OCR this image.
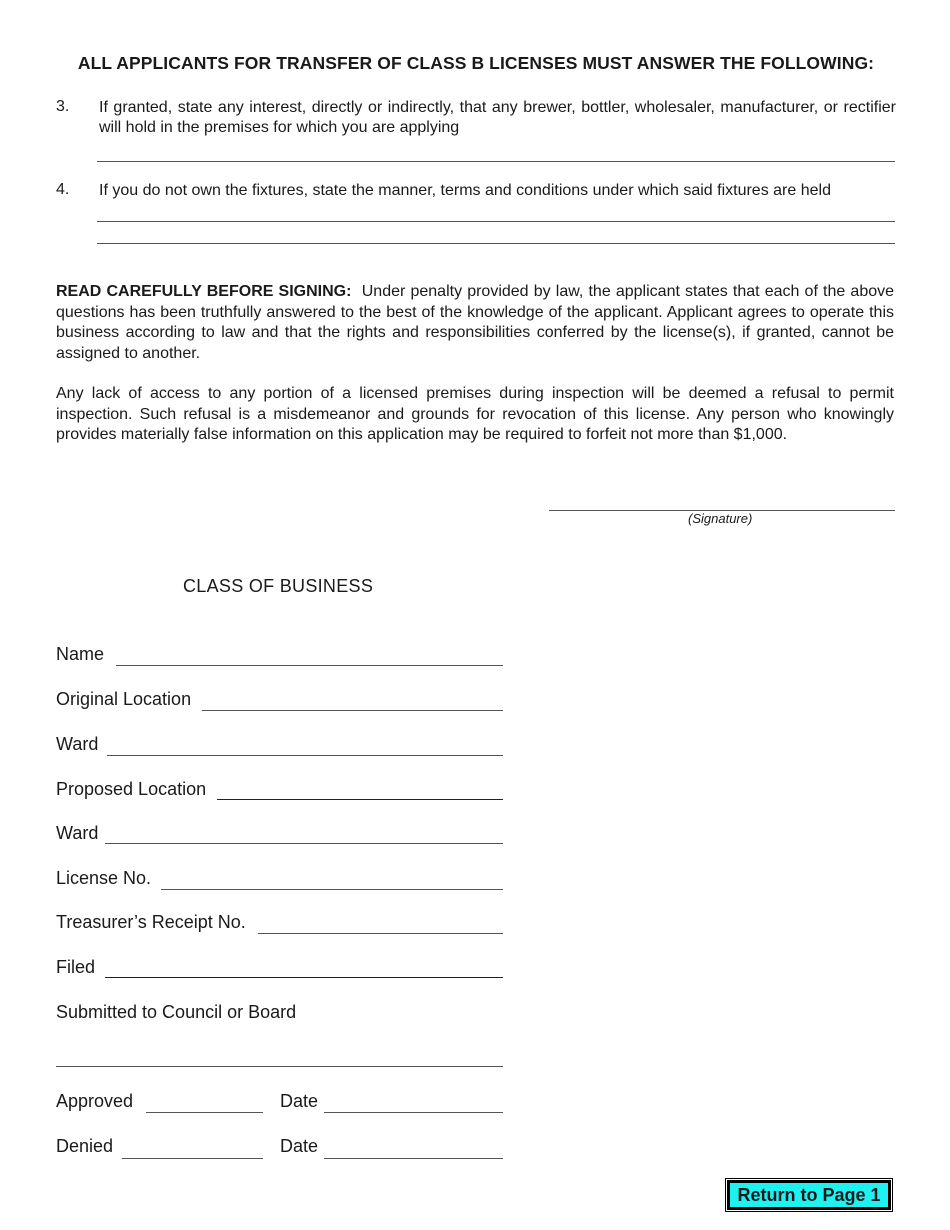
ALL APPLICANTS FOR TRANSFER OF CLASS B LICENSES MUST ANSWER THE FOLLOWING:
3. If granted, state any interest, directly or indirectly, that any brewer, bottler, wholesaler, manufacturer, or rectifier will hold in the premises for which you are applying
4. If you do not own the fixtures, state the manner, terms and conditions under which said fixtures are held
READ CAREFULLY BEFORE SIGNING: Under penalty provided by law, the applicant states that each of the above questions has been truthfully answered to the best of the knowledge of the applicant. Applicant agrees to operate this business according to law and that the rights and responsibilities conferred by the license(s), if granted, cannot be assigned to another.
Any lack of access to any portion of a licensed premises during inspection will be deemed a refusal to permit inspection. Such refusal is a misdemeanor and grounds for revocation of this license. Any person who knowingly provides materially false information on this application may be required to forfeit not more than $1,000.
(Signature)
CLASS OF BUSINESS
Name
Original Location
Ward
Proposed Location
Ward
License No.
Treasurer’s Receipt No.
Filed
Submitted to Council or Board
Approved	Date
Denied	Date
Return to Page 1
